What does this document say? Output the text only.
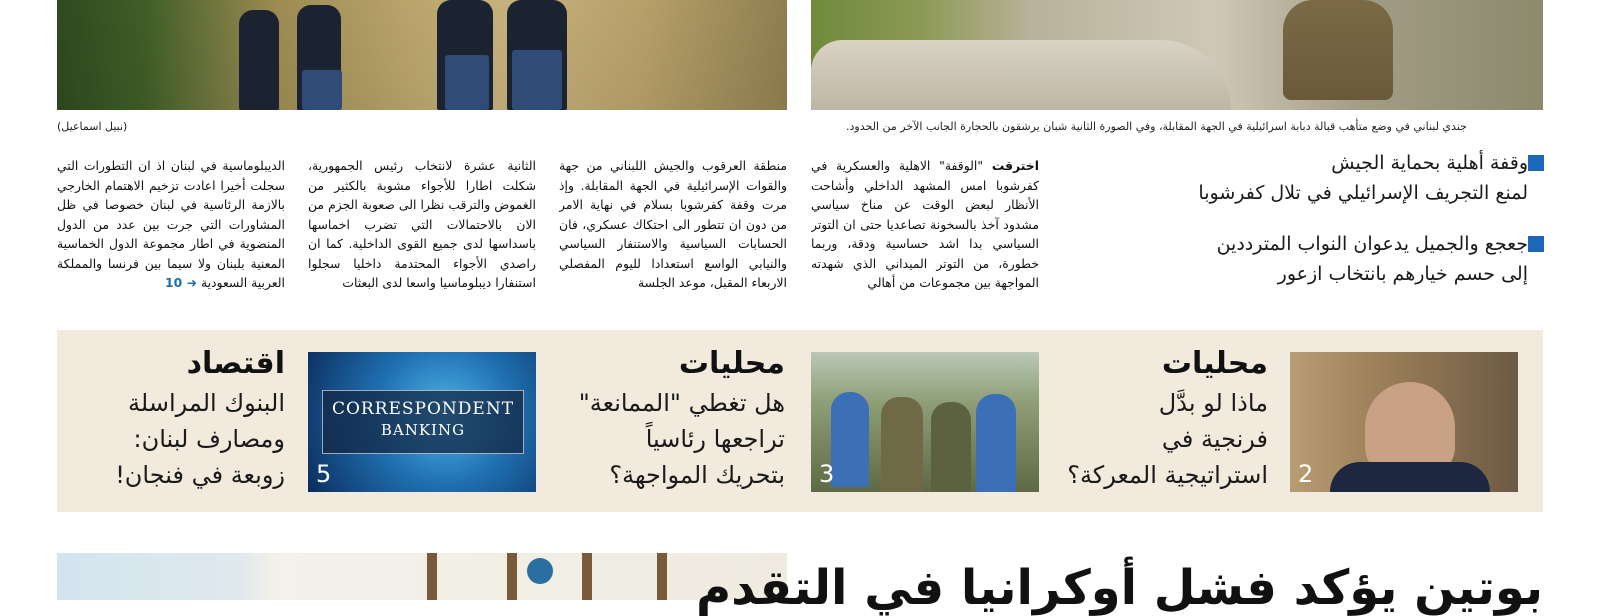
(نبيل اسماعيل)	جندي لبناني في وضع متأهب قبالة دبابة اسرائيلية في الجهة المقابلة، وفي الصورة الثانية شبان يرشقون بالحجارة الجانب الآخر من الحدود.
اخترقت "الوقفة" الاهلية والعسكرية في كفرشوبا امس المشهد الداخلي وأشاحت الأنظار لبعض الوقت عن مناخ سياسي مشدود آخذ بالسخونة تصاعديا حتى ان التوتر السياسي بدا اشد حساسية ودقة، وربما خطورة، من التوتر الميداني الذي شهدته المواجهة بين مجموعات من أهالي
منطقة العرقوب والجيش اللبناني من جهة والقوات الإسرائيلية في الجهة المقابلة. وإذ مرت وقفة كفرشوبا بسلام في نهاية الامر من دون ان تتطور الى احتكاك عسكري، فان الحسابات السياسية والاستنفار السياسي والنيابي الواسع استعدادا لليوم المفصلي الاربعاء المقبل، موعد الجلسة
الثانية عشرة لانتخاب رئيس الجمهورية، شكلت اطارا للأجواء مشوبة بالكثير من الغموض والترقب نظرا الى صعوبة الجزم من الان بالاحتمالات التي تضرب اخماسها باسداسها لدى جميع القوى الداخلية. كما ان راصدي الأجواء المحتدمة داخليا سجلوا استنفارا ديبلوماسيا واسعا لدى البعثات
الديبلوماسية في لبنان اذ ان التطورات التي سجلت أخيرا اعادت تزخيم الاهتمام الخارجي بالازمة الرئاسية في لبنان خصوصا في ظل المشاورات التي جرت بين عدد من الدول المنضوية في اطار مجموعة الدول الخماسية المعنية بلبنان ولا سيما بين فرنسا والمملكة العربية السعودية ➜ 10
وقفة أهلية بحماية الجيش
لمنع التجريف الإسرائيلي في تلال كفرشوبا
جعجع والجميل يدعوان النواب المترددين
إلى حسم خيارهم بانتخاب ازعور
2
محليات
ماذا لو بدَّل
فرنجية في
استراتيجية المعركة؟
3
محليات
هل تغطي "الممانعة"
تراجعها رئاسياً
بتحريك المواجهة؟
CORRESPONDENT
BANKING
5
اقتصاد
البنوك المراسلة
ومصارف لبنان:
زوبعة في فنجان!
بوتين يؤكد فشل أوكرانيا في التقدم
